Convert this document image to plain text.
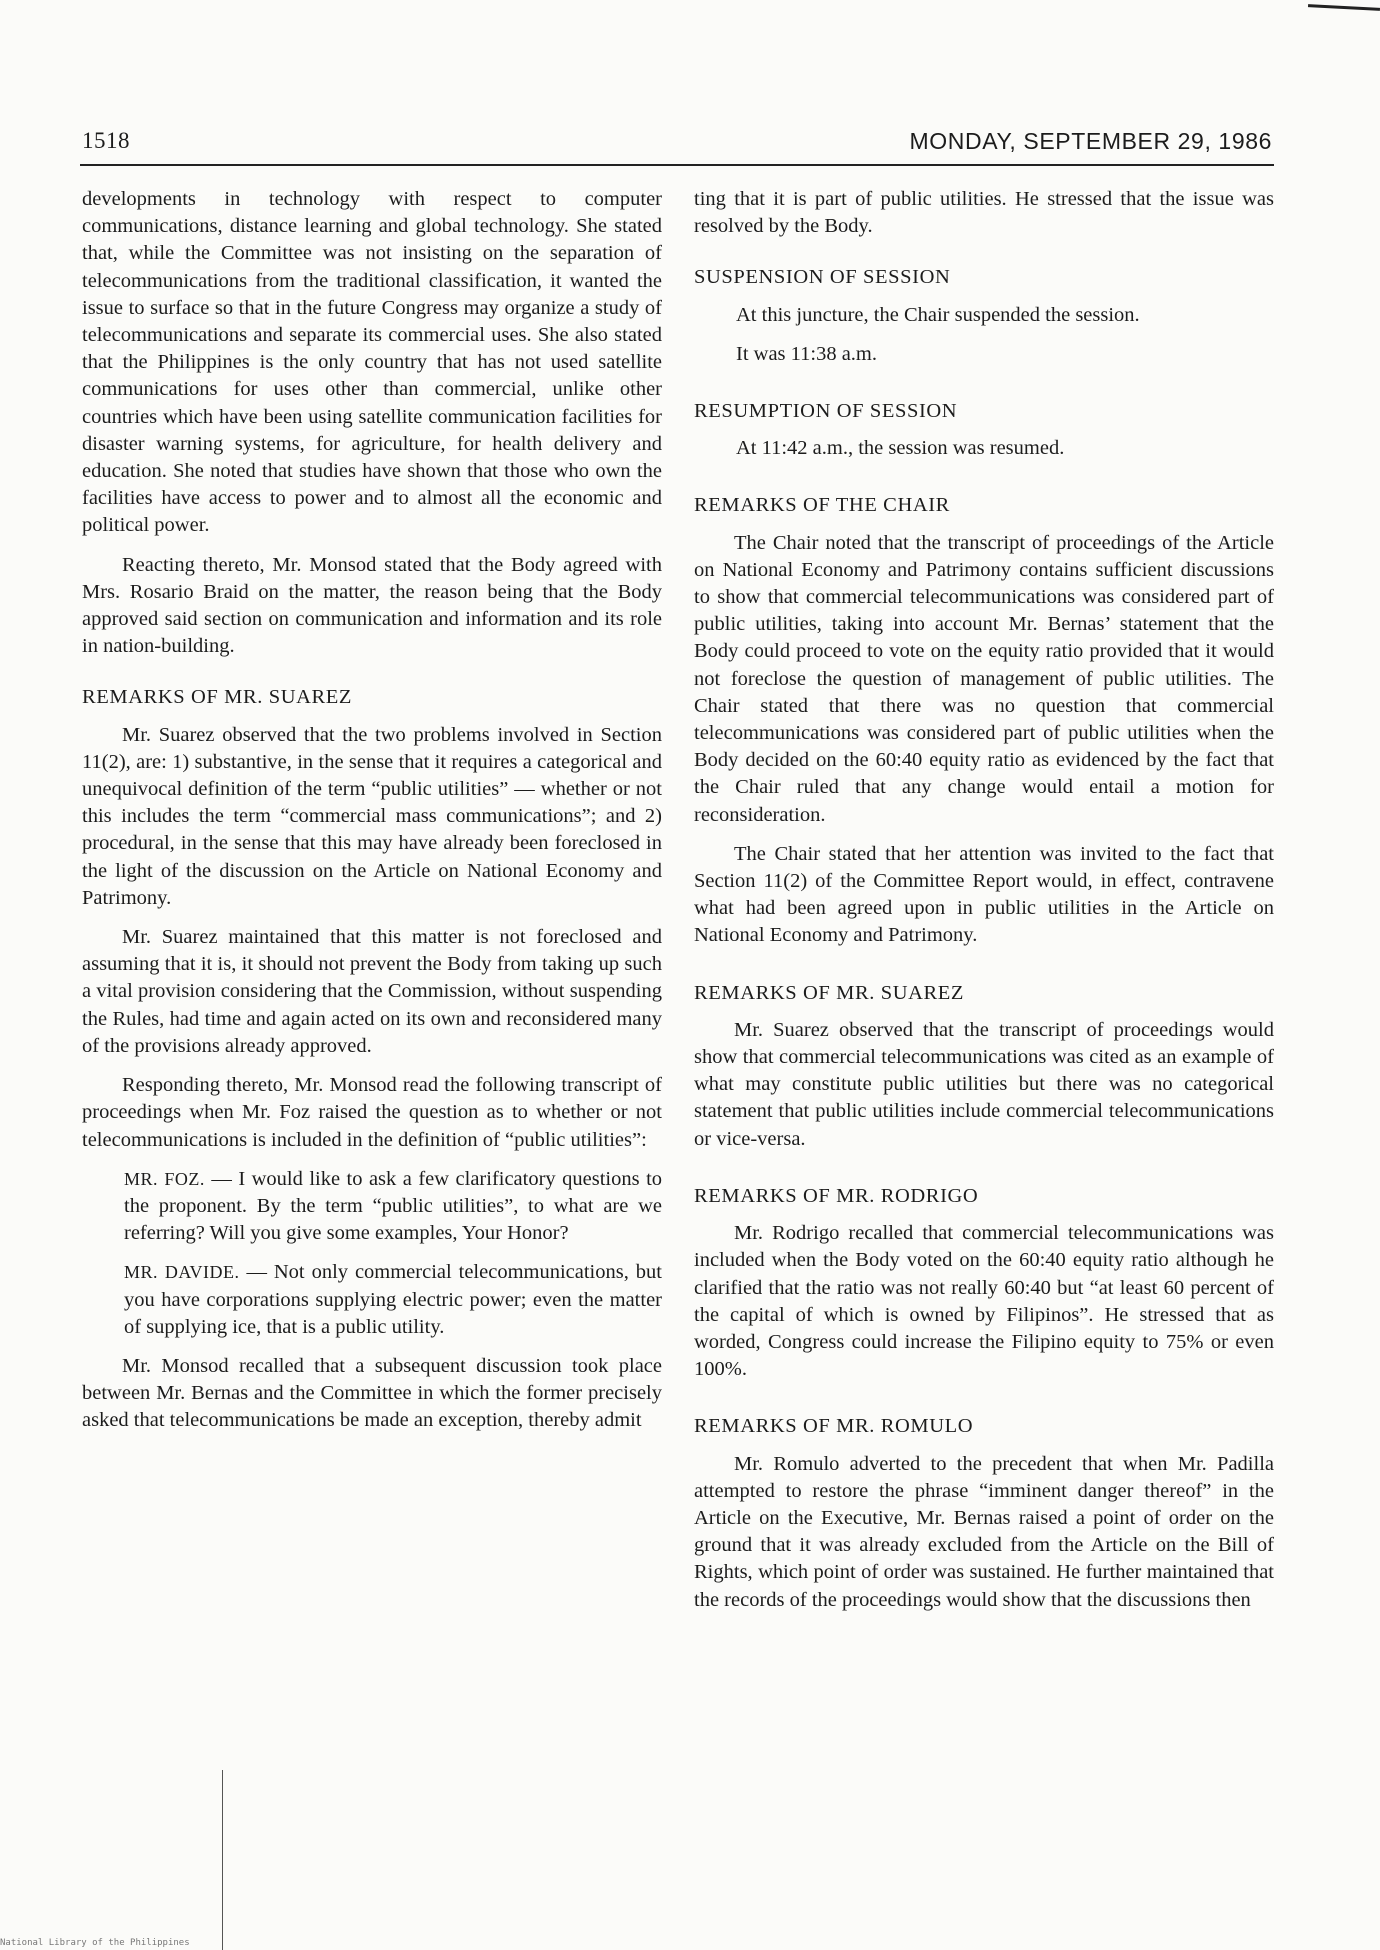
1518	MONDAY, SEPTEMBER 29, 1986

developments in technology with respect to computer communications, distance learning and global technology. She stated that, while the Committee was not insisting on the separation of telecommunications from the traditional classification, it wanted the issue to surface so that in the future Congress may organize a study of telecommunications and separate its commercial uses. She also stated that the Philippines is the only country that has not used satellite communications for uses other than commercial, unlike other countries which have been using satellite communication facilities for disaster warning systems, for agriculture, for health delivery and education. She noted that studies have shown that those who own the facilities have access to power and to almost all the economic and political power.

Reacting thereto, Mr. Monsod stated that the Body agreed with Mrs. Rosario Braid on the matter, the reason being that the Body approved said section on communication and information and its role in nation-building.

REMARKS OF MR. SUAREZ

Mr. Suarez observed that the two problems involved in Section 11(2), are: 1) substantive, in the sense that it requires a categorical and unequivocal definition of the term “public utilities” — whether or not this includes the term “commercial mass communications”; and 2) procedural, in the sense that this may have already been foreclosed in the light of the discussion on the Article on National Economy and Patrimony.

Mr. Suarez maintained that this matter is not foreclosed and assuming that it is, it should not prevent the Body from taking up such a vital provision considering that the Commission, without suspending the Rules, had time and again acted on its own and reconsidered many of the provisions already approved.

Responding thereto, Mr. Monsod read the following transcript of proceedings when Mr. Foz raised the question as to whether or not telecommunications is included in the definition of “public utilities”:

MR. FOZ. — I would like to ask a few clarificatory questions to the proponent. By the term “public utilities”, to what are we referring? Will you give some examples, Your Honor?

MR. DAVIDE. — Not only commercial telecommunications, but you have corporations supplying electric power; even the matter of supplying ice, that is a public utility.

Mr. Monsod recalled that a subsequent discussion took place between Mr. Bernas and the Committee in which the former precisely asked that telecommunications be made an exception, thereby admit

ting that it is part of public utilities. He stressed that the issue was resolved by the Body.

SUSPENSION OF SESSION

At this juncture, the Chair suspended the session.

It was 11:38 a.m.

RESUMPTION OF SESSION

At 11:42 a.m., the session was resumed.

REMARKS OF THE CHAIR

The Chair noted that the transcript of proceedings of the Article on National Economy and Patrimony contains sufficient discussions to show that commercial telecommunications was considered part of public utilities, taking into account Mr. Bernas’ statement that the Body could proceed to vote on the equity ratio provided that it would not foreclose the question of management of public utilities. The Chair stated that there was no question that commercial telecommunications was considered part of public utilities when the Body decided on the 60:40 equity ratio as evidenced by the fact that the Chair ruled that any change would entail a motion for reconsideration.

The Chair stated that her attention was invited to the fact that Section 11(2) of the Committee Report would, in effect, contravene what had been agreed upon in public utilities in the Article on National Economy and Patrimony.

REMARKS OF MR. SUAREZ

Mr. Suarez observed that the transcript of proceedings would show that commercial telecommunications was cited as an example of what may constitute public utilities but there was no categorical statement that public utilities include commercial telecommunications or vice-versa.

REMARKS OF MR. RODRIGO

Mr. Rodrigo recalled that commercial telecommunications was included when the Body voted on the 60:40 equity ratio although he clarified that the ratio was not really 60:40 but “at least 60 percent of the capital of which is owned by Filipinos”. He stressed that as worded, Congress could increase the Filipino equity to 75% or even 100%.

REMARKS OF MR. ROMULO

Mr. Romulo adverted to the precedent that when Mr. Padilla attempted to restore the phrase “imminent danger thereof” in the Article on the Executive, Mr. Bernas raised a point of order on the ground that it was already excluded from the Article on the Bill of Rights, which point of order was sustained. He further maintained that the records of the proceedings would show that the discussions then

National Library of the Philippines
